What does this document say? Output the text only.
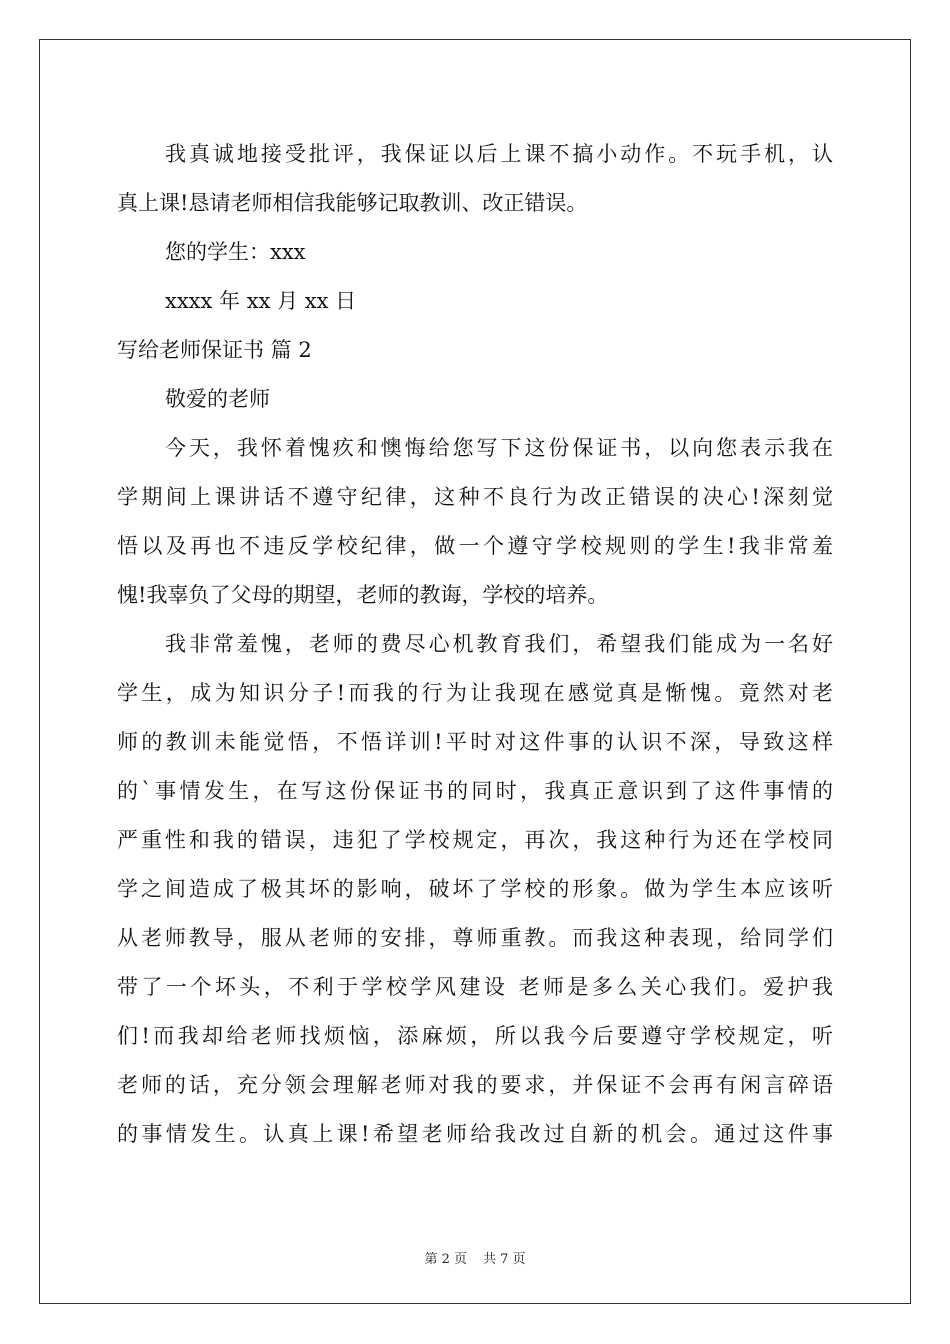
我真诚地接受批评，我保证以后上课不搞小动作。不玩手机，认
真上课!恳请老师相信我能够记取教训、改正错误。
您的学生：xxx
xxxx 年 xx 月 xx 日
写给老师保证书 篇 2
敬爱的老师
今天，我怀着愧疚和懊悔给您写下这份保证书，以向您表示我在
学期间上课讲话不遵守纪律，这种不良行为改正错误的决心!深刻觉
悟以及再也不违反学校纪律，做一个遵守学校规则的学生!我非常羞
愧!我辜负了父母的期望，老师的教诲，学校的培养。
我非常羞愧，老师的费尽心机教育我们，希望我们能成为一名好
学生，成为知识分子!而我的行为让我现在感觉真是惭愧。竟然对老
师的教训未能觉悟，不悟详训!平时对这件事的认识不深，导致这样
的`事情发生，在写这份保证书的同时，我真正意识到了这件事情的
严重性和我的错误，违犯了学校规定，再次，我这种行为还在学校同
学之间造成了极其坏的影响，破坏了学校的形象。做为学生本应该听
从老师教导，服从老师的安排，尊师重教。而我这种表现，给同学们
带了一个坏头，不利于学校学风建设 老师是多么关心我们。爱护我
们!而我却给老师找烦恼，添麻烦，所以我今后要遵守学校规定，听
老师的话，充分领会理解老师对我的要求，并保证不会再有闲言碎语
的事情发生。认真上课!希望老师给我改过自新的机会。通过这件事
第 2 页 共 7 页
